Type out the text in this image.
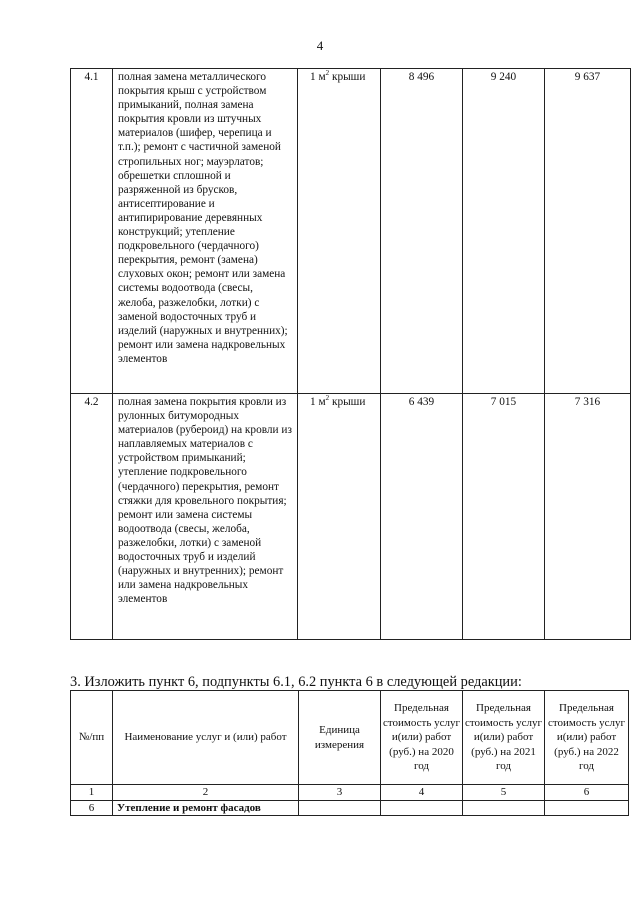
4
4.1	полная замена металлического покрытия крыш с устройством примыканий, полная замена покрытия кровли из штучных материалов (шифер, черепица и т.п.); ремонт с частичной заменой стропильных ног; мауэрлатов; обрешетки сплошной и разряженной из брусков, антисептирование и антипирирование деревянных конструкций; утепление подкровельного (чердачного) перекрытия, ремонт (замена) слуховых окон; ремонт или замена системы водоотвода (свесы, желоба, разжелобки, лотки) с заменой водосточных труб и изделий (наружных и внутренних); ремонт или замена надкровельных элементов	1 $м^2$ крыши	8 496	9 240	9 637
4.2	полная замена покрытия кровли из рулонных битумородных материалов (рубероид) на кровли из наплавляемых материалов с устройством примыканий; утепление подкровельного (чердачного) перекрытия, ремонт стяжки для кровельного покрытия; ремонт или замена системы водоотвода (свесы, желоба, разжелобки, лотки) с заменой водосточных труб и изделий (наружных и внутренних); ремонт или замена надкровельных элементов	1 $м^2$ крыши	6 439	7 015	7 316
3. Изложить пункт 6, подпункты 6.1, 6.2 пункта 6 в следующей редакции:
№/пп	Наименование услуг и (или) работ	Единица измерения	Предельная стоимость услуг и(или) работ (руб.) на 2020 год	Предельная стоимость услуг и(или) работ (руб.) на 2021 год	Предельная стоимость услуг и(или) работ (руб.) на 2022 год
1	2	3	4	5	6
6	Утепление и ремонт фасадов				
